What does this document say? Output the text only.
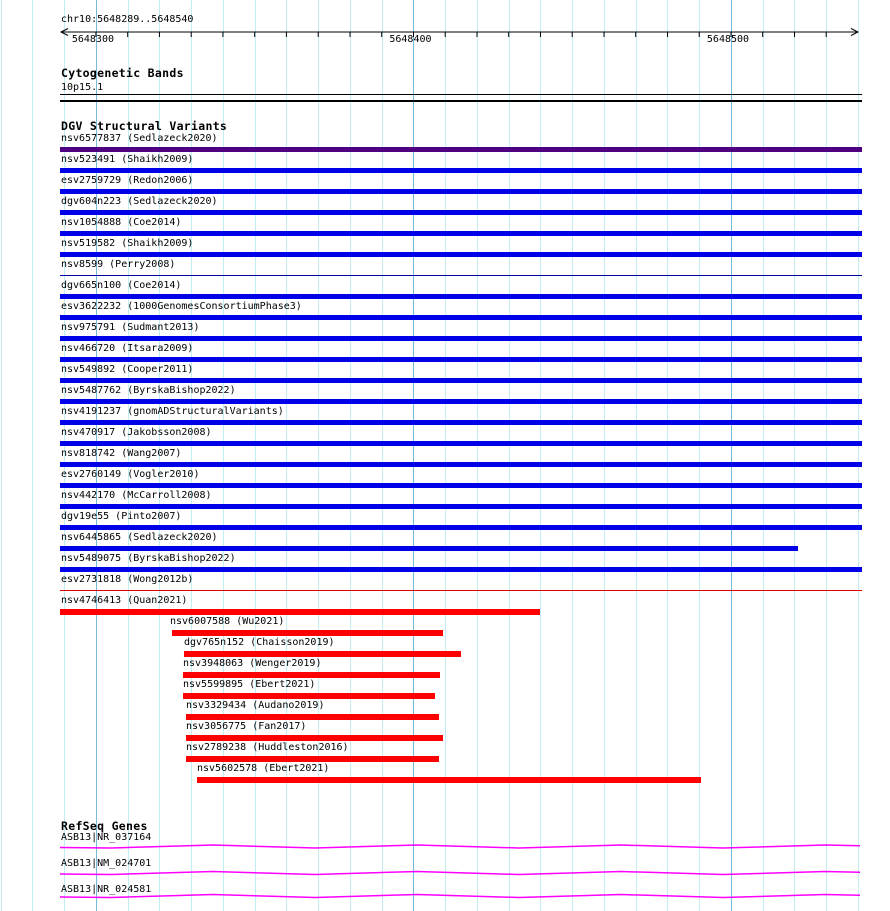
chr10:5648289..5648540
5648300	5648400	5648500
Cytogenetic Bands
10p15.1
DGV Structural Variants
nsv6577837 (Sedlazeck2020)
nsv523491 (Shaikh2009)
esv2759729 (Redon2006)
dgv604n223 (Sedlazeck2020)
nsv1054888 (Coe2014)
nsv519582 (Shaikh2009)
nsv8599 (Perry2008)
dgv665n100 (Coe2014)
esv3622232 (1000GenomesConsortiumPhase3)
nsv975791 (Sudmant2013)
nsv466720 (Itsara2009)
nsv549892 (Cooper2011)
nsv5487762 (ByrskaBishop2022)
nsv4191237 (gnomADStructuralVariants)
nsv470917 (Jakobsson2008)
nsv818742 (Wang2007)
esv2760149 (Vogler2010)
nsv442170 (McCarroll2008)
dgv19e55 (Pinto2007)
nsv6445865 (Sedlazeck2020)
nsv5489075 (ByrskaBishop2022)
esv2731818 (Wong2012b)
nsv4746413 (Quan2021)
nsv6007588 (Wu2021)
dgv765n152 (Chaisson2019)
nsv3948063 (Wenger2019)
nsv5599895 (Ebert2021)
nsv3329434 (Audano2019)
nsv3056775 (Fan2017)
nsv2789238 (Huddleston2016)
nsv5602578 (Ebert2021)
RefSeq Genes
ASB13|NR_037164
ASB13|NM_024701
ASB13|NR_024581
